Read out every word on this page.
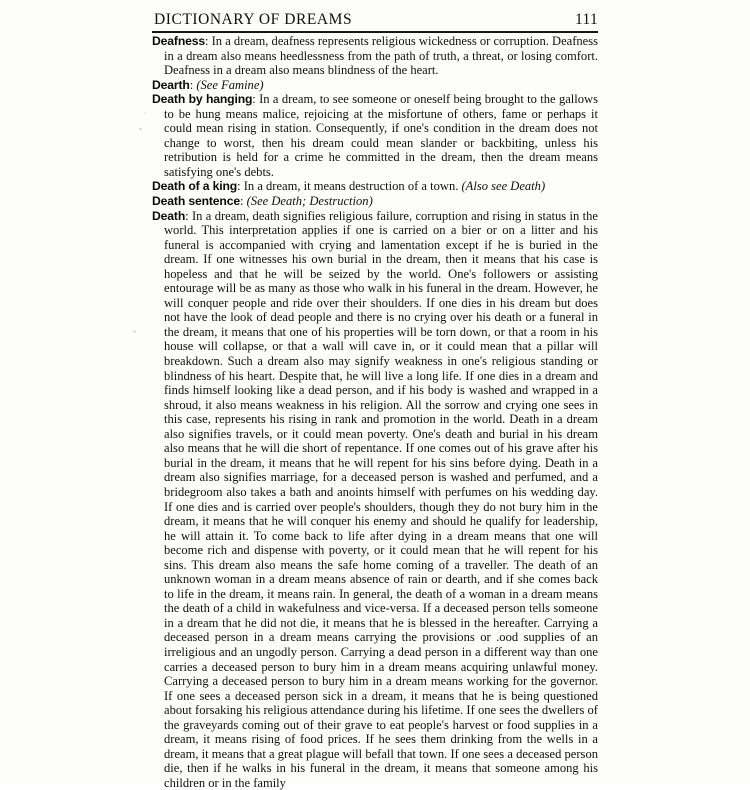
DICTIONARY OF DREAMS	111

Deafness: In a dream, deafness represents religious wickedness or corruption. Deafness in a dream also means heedlessness from the path of truth, a threat, or losing comfort. Deafness in a dream also means blindness of the heart.

Dearth: (See Famine)

Death by hanging: In a dream, to see someone or oneself being brought to the gallows to be hung means malice, rejoicing at the misfortune of others, fame or perhaps it could mean rising in station. Consequently, if one's condition in the dream does not change to worst, then his dream could mean slander or backbiting, unless his retribution is held for a crime he committed in the dream, then the dream means satisfying one's debts.

Death of a king: In a dream, it means destruction of a town. (Also see Death)

Death sentence: (See Death; Destruction)

Death: In a dream, death signifies religious failure, corruption and rising in status in the world. This interpretation applies if one is carried on a bier or on a litter and his funeral is accompanied with crying and lamentation except if he is buried in the dream. If one witnesses his own burial in the dream, then it means that his case is hopeless and that he will be seized by the world. One's followers or assisting entourage will be as many as those who walk in his funeral in the dream. However, he will conquer people and ride over their shoulders. If one dies in his dream but does not have the look of dead people and there is no crying over his death or a funeral in the dream, it means that one of his properties will be torn down, or that a room in his house will collapse, or that a wall will cave in, or it could mean that a pillar will breakdown. Such a dream also may signify weakness in one's religious standing or blindness of his heart. Despite that, he will live a long life. If one dies in a dream and finds himself looking like a dead person, and if his body is washed and wrapped in a shroud, it also means weakness in his religion. All the sorrow and crying one sees in this case, represents his rising in rank and promotion in the world. Death in a dream also signifies travels, or it could mean poverty. One's death and burial in his dream also means that he will die short of repentance. If one comes out of his grave after his burial in the dream, it means that he will repent for his sins before dying. Death in a dream also signifies marriage, for a deceased person is washed and perfumed, and a bridegroom also takes a bath and anoints himself with perfumes on his wedding day. If one dies and is carried over people's shoulders, though they do not bury him in the dream, it means that he will conquer his enemy and should he qualify for leadership, he will attain it. To come back to life after dying in a dream means that one will become rich and dispense with poverty, or it could mean that he will repent for his sins. This dream also means the safe home coming of a traveller. The death of an unknown woman in a dream means absence of rain or dearth, and if she comes back to life in the dream, it means rain. In general, the death of a woman in a dream means the death of a child in wakefulness and vice-versa. If a deceased person tells someone in a dream that he did not die, it means that he is blessed in the hereafter. Carrying a deceased person in a dream means carrying the provisions or .ood supplies of an irreligious and an ungodly person. Carrying a dead person in a different way than one carries a deceased person to bury him in a dream means acquiring unlawful money. Carrying a deceased person to bury him in a dream means working for the governor. If one sees a deceased person sick in a dream, it means that he is being questioned about forsaking his religious attendance during his lifetime. If one sees the dwellers of the graveyards coming out of their grave to eat people's harvest or food supplies in a dream, it means rising of food prices. If he sees them drinking from the wells in a dream, it means that a great plague will befall that town. If one sees a deceased person die, then if he walks in his funeral in the dream, it means that someone among his children or in the family
